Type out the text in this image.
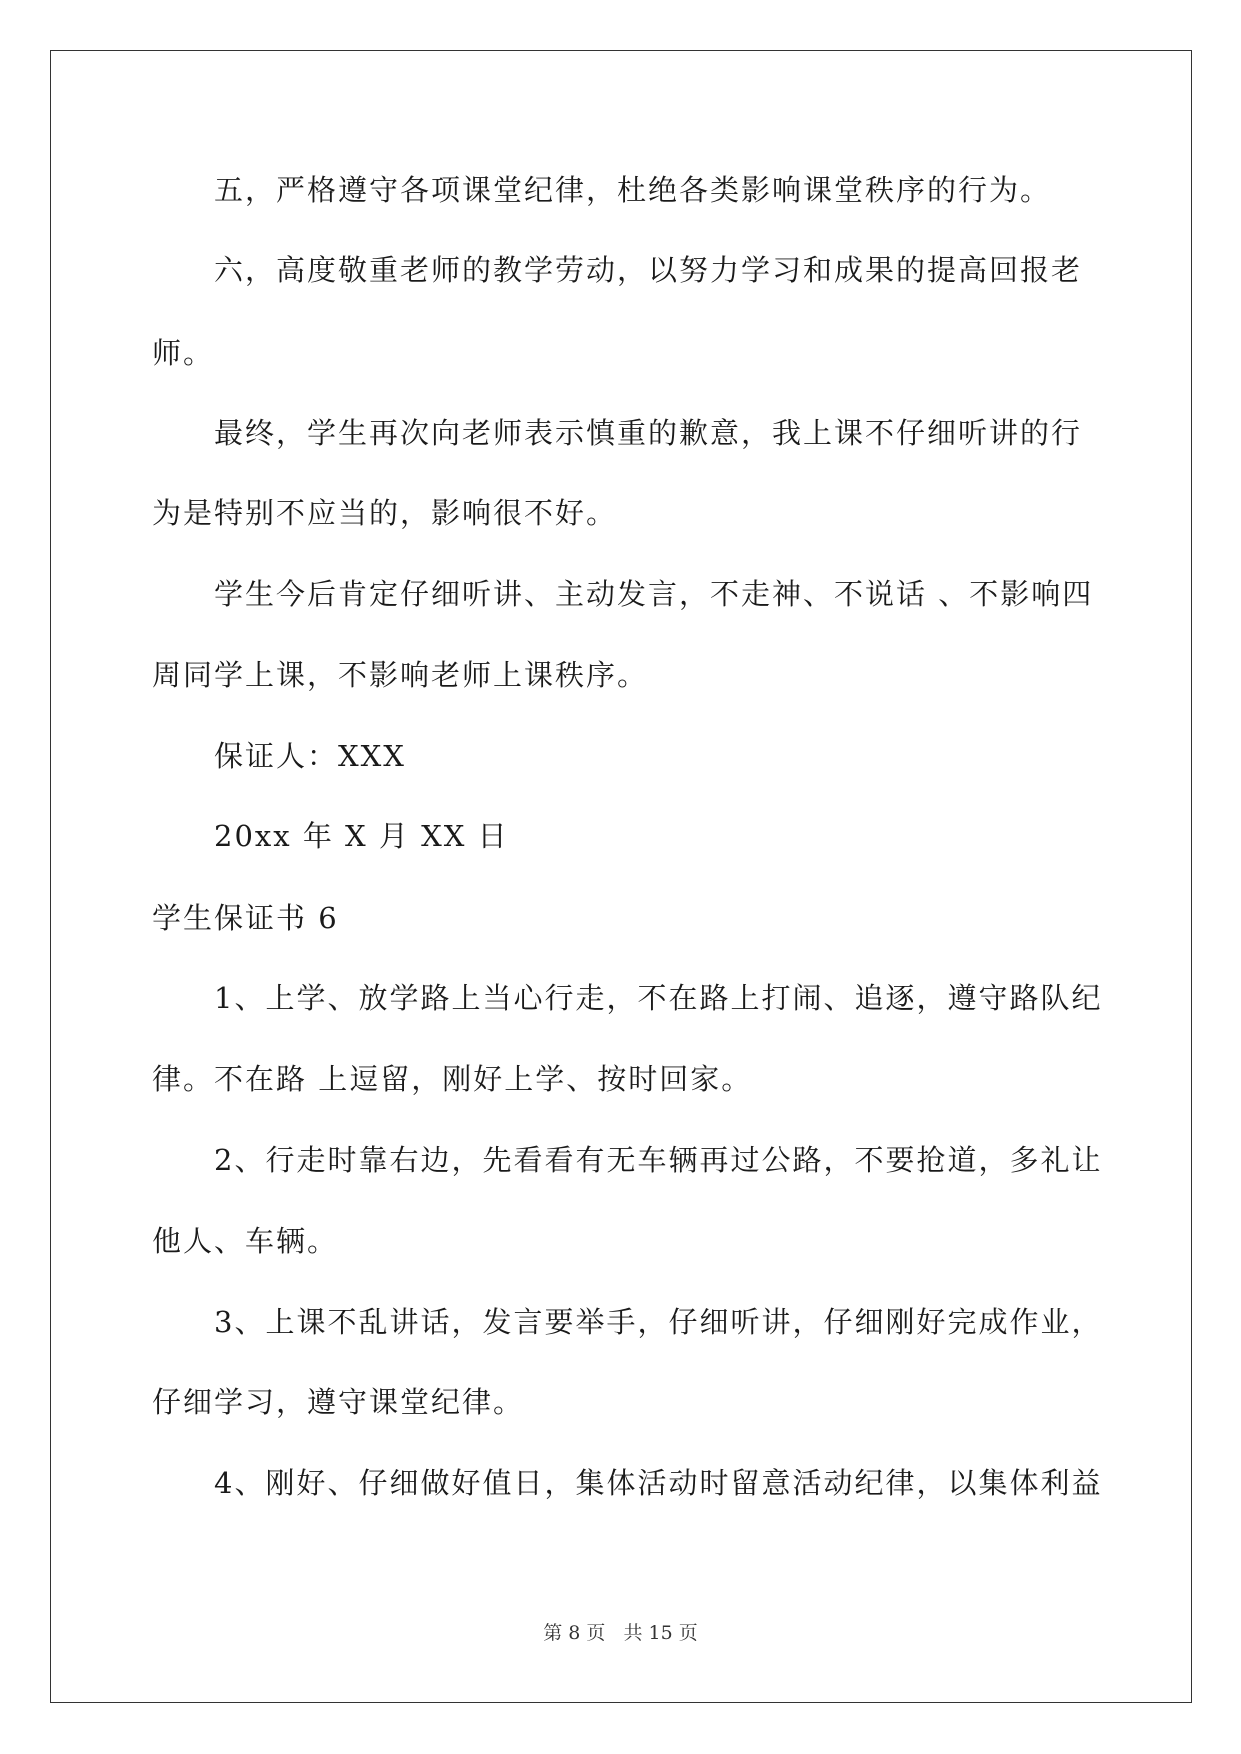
五，严格遵守各项课堂纪律，杜绝各类影响课堂秩序的行为。
六，高度敬重老师的教学劳动，以努力学习和成果的提高回报老
师。
最终，学生再次向老师表示慎重的歉意，我上课不仔细听讲的行
为是特别不应当的，影响很不好。
学生今后肯定仔细听讲、主动发言，不走神、不说话 、不影响四
周同学上课，不影响老师上课秩序。
保证人：XXX
20xx 年 X 月 XX 日
学生保证书 6
1、上学、放学路上当心行走，不在路上打闹、追逐，遵守路队纪
律。不在路 上逗留，刚好上学、按时回家。
2、行走时靠右边，先看看有无车辆再过公路，不要抢道，多礼让
他人、车辆。
3、上课不乱讲话，发言要举手，仔细听讲，仔细刚好完成作业，
仔细学习，遵守课堂纪律。
4、刚好、仔细做好值日，集体活动时留意活动纪律，以集体利益
第 8 页 共 15 页
